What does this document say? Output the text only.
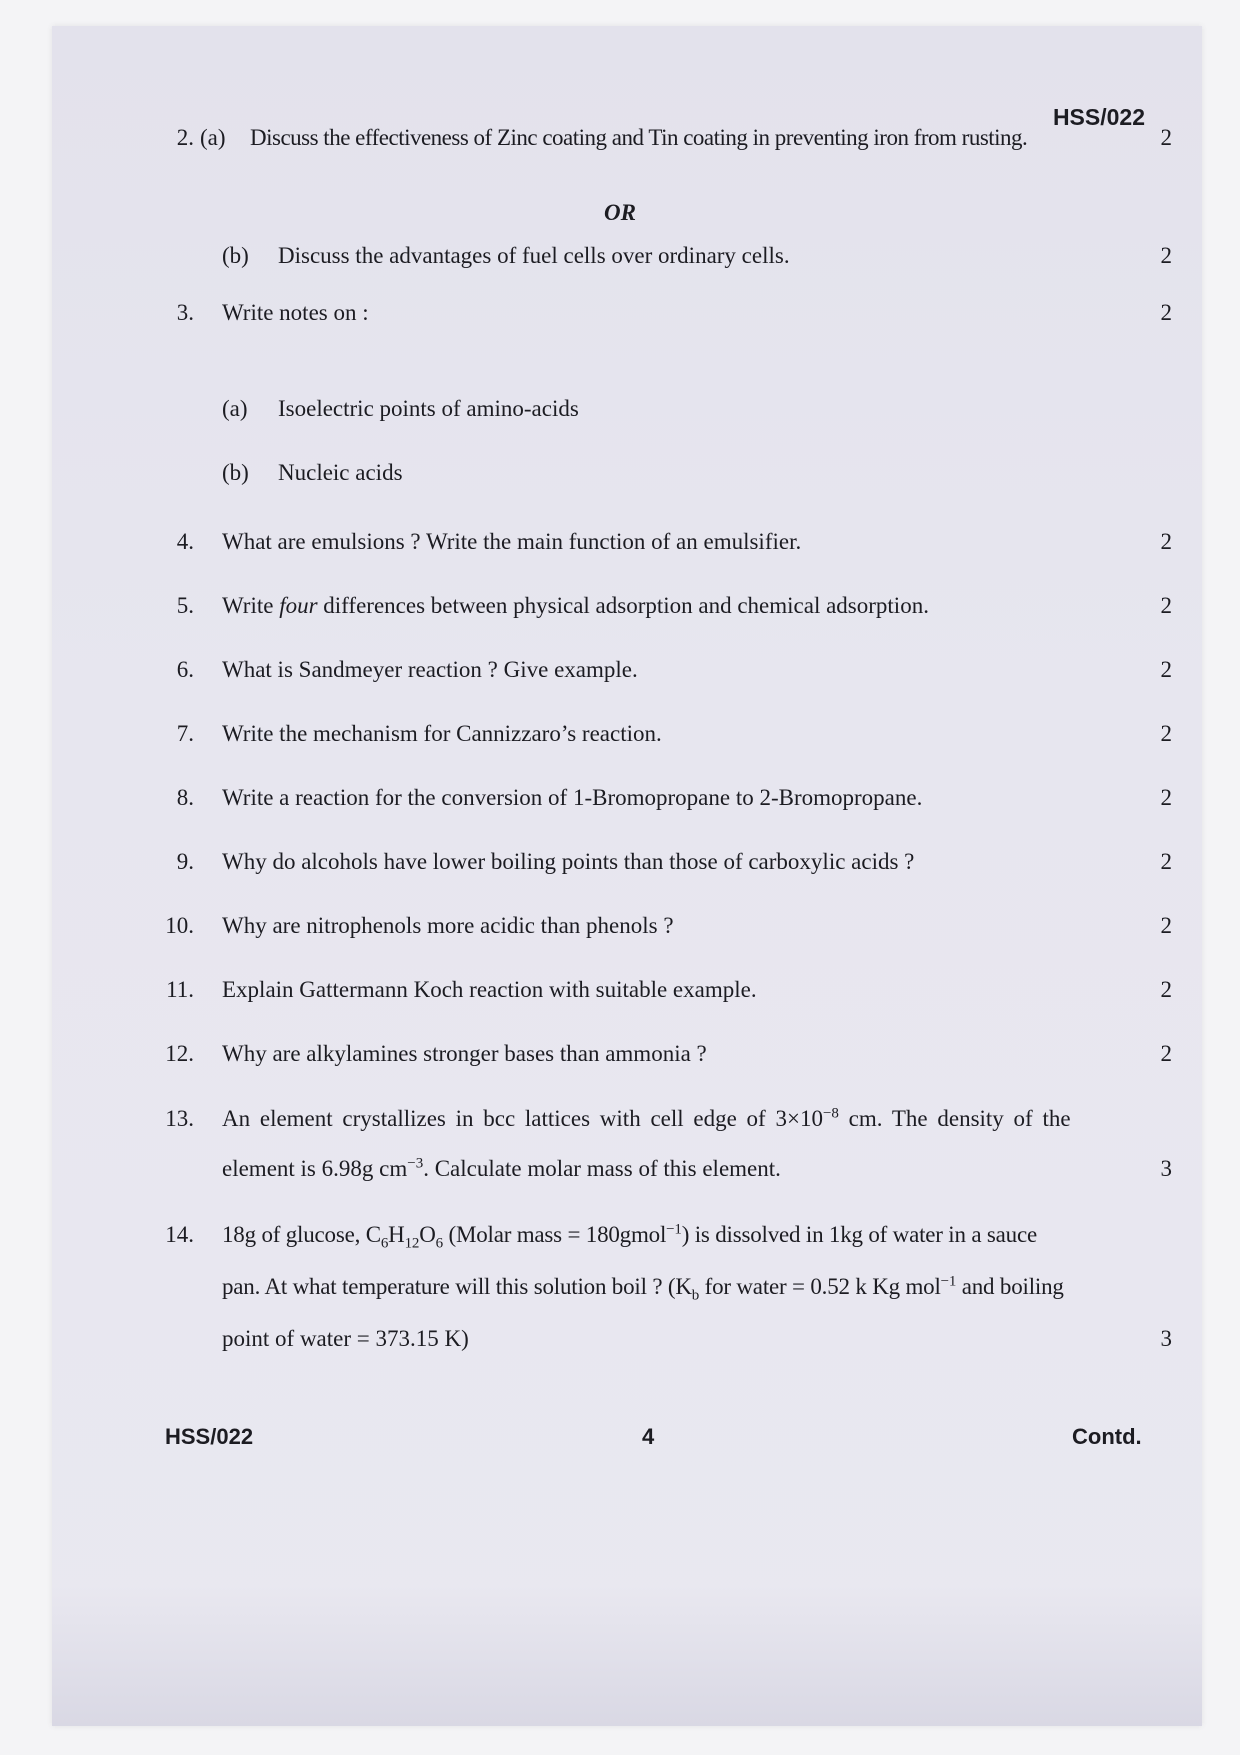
HSS/022
2. (a) Discuss the effectiveness of Zinc coating and Tin coating in preventing iron from rusting.	2
OR
(b) Discuss the advantages of fuel cells over ordinary cells.	2
3. Write notes on :	2
(a) Isoelectric points of amino-acids
(b) Nucleic acids
4. What are emulsions ? Write the main function of an emulsifier.	2
5. Write four differences between physical adsorption and chemical adsorption.	2
6. What is Sandmeyer reaction ? Give example.	2
7. Write the mechanism for Cannizzaro’s reaction.	2
8. Write a reaction for the conversion of 1-Bromopropane to 2-Bromopropane.	2
9. Why do alcohols have lower boiling points than those of carboxylic acids ?	2
10. Why are nitrophenols more acidic than phenols ?	2
11. Explain Gattermann Koch reaction with suitable example.	2
12. Why are alkylamines stronger bases than ammonia ?	2
13. An element crystallizes in bcc lattices with cell edge of $3\times 10^{-8}$ cm. The density of the
element is 6.98g $cm^{-3}$. Calculate molar mass of this element.	3
14. 18g of glucose, $C_6H_{12}O_6$ (Molar mass = 180gmol$^{-1}$) is dissolved in 1kg of water in a sauce
pan. At what temperature will this solution boil ? ($K_b$ for water = 0.52 k Kg mol$^{-1}$ and boiling
point of water = 373.15 K)	3
HSS/022	4	Contd.
